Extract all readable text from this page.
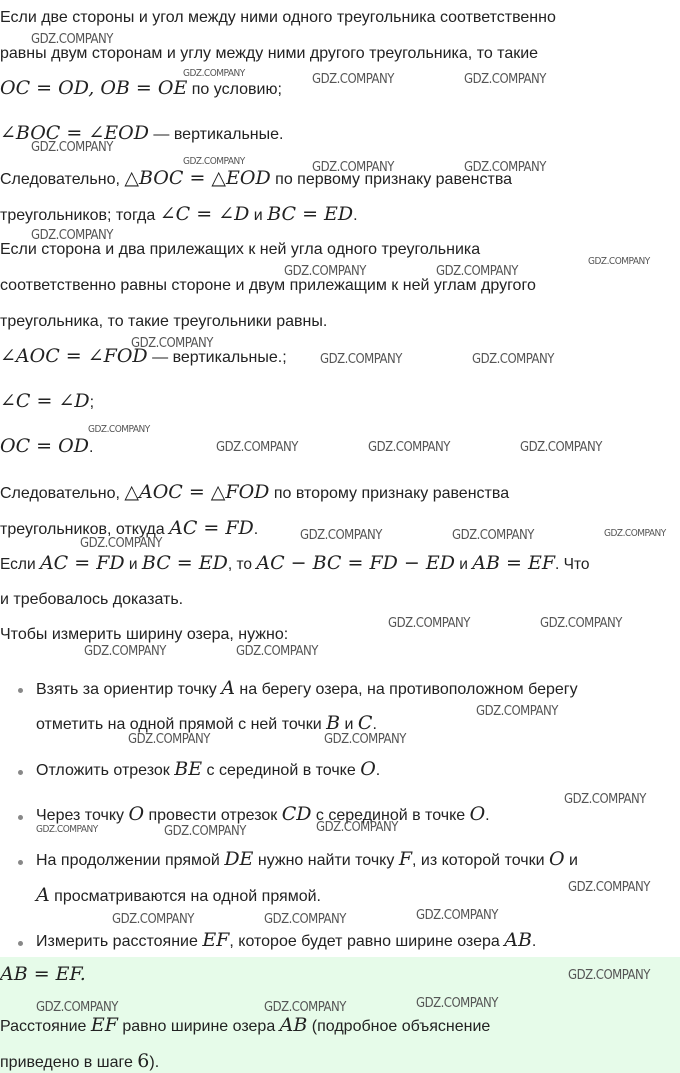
Если две стороны и угол между ними одного треугольника соответственно
равны двум сторонам и углу между ними другого треугольника, то такие
OC = OD, OB = OE по условию;
∠BOC = ∠EOD — вертикальные.
Следовательно, △BOC = △EOD по первому признаку равенства
треугольников; тогда ∠C = ∠D и BC = ED.
Если сторона и два прилежащих к ней угла одного треугольника
соответственно равны стороне и двум прилежащим к ней углам другого
треугольника, то такие треугольники равны.
∠AOC = ∠FOD — вертикальные.;
∠C = ∠D;
OC = OD.
Следовательно, △AOC = △FOD по второму признаку равенства
треугольников, откуда AC = FD.
Если AC = FD и BC = ED, то AC − BC = FD − ED и AB = EF. Что
и требовалось доказать.
Чтобы измерить ширину озера, нужно:
Взять за ориентир точку A на берегу озера, на противоположном берегу
отметить на одной прямой с ней точки B и C.
Отложить отрезок BE с серединой в точке O.
Через точку O провести отрезок CD с серединой в точке O.
На продолжении прямой DE нужно найти точку F, из которой точки O и
A просматриваются на одной прямой.
Измерить расстояние EF, которое будет равно ширине озера AB.
AB = EF.
Расстояние EF равно ширине озера AB (подробное объяснение
приведено в шаге 6).
GDZ.COMPANY
GDZ.COMPANY	GDZ.COMPANY	GDZ.COMPANY
GDZ.COMPANY
GDZ.COMPANY	GDZ.COMPANY	GDZ.COMPANY
GDZ.COMPANY
GDZ.COMPANY
GDZ.COMPANY	GDZ.COMPANY
GDZ.COMPANY
GDZ.COMPANY	GDZ.COMPANY
GDZ.COMPANY
GDZ.COMPANY	GDZ.COMPANY	GDZ.COMPANY
GDZ.COMPANY
GDZ.COMPANY	GDZ.COMPANY
GDZ.COMPANY
GDZ.COMPANY	GDZ.COMPANY
GDZ.COMPANY	GDZ.COMPANY
GDZ.COMPANY
GDZ.COMPANY	GDZ.COMPANY
GDZ.COMPANY
GDZ.COMPANY	GDZ.COMPANY	GDZ.COMPANY
GDZ.COMPANY
GDZ.COMPANY	GDZ.COMPANY	GDZ.COMPANY
GDZ.COMPANY
GDZ.COMPANY	GDZ.COMPANY	GDZ.COMPANY
